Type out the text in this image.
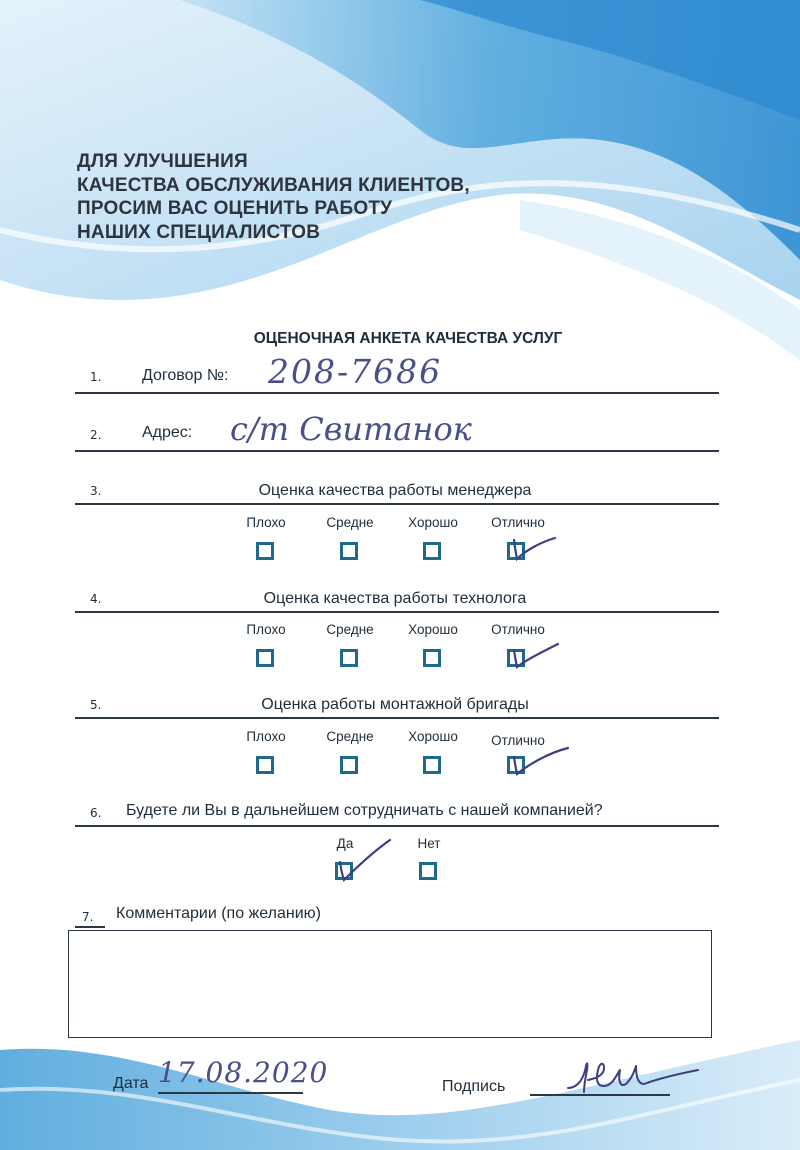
ДЛЯ УЛУЧШЕНИЯ
КАЧЕСТВА ОБСЛУЖИВАНИЯ КЛИЕНТОВ,
ПРОСИМ ВАС ОЦЕНИТЬ РАБОТУ
НАШИХ СПЕЦИАЛИСТОВ
ОЦЕНОЧНАЯ АНКЕТА КАЧЕСТВА УСЛУГ
1.	Договор №: 208-7686
2.	Адрес: с/т Свитанок
3.	Оценка качества работы менеджера
Плохо	Средне	Хорошо	Отлично
4.	Оценка качества работы технолога
Плохо	Средне	Хорошо	Отлично
5.	Оценка работы монтажной бригады
Плохо	Средне	Хорошо	Отлично
6. Будете ли Вы в дальнейшем сотрудничать с нашей компанией?
Да	Нет
7. Комментарии (по желанию)
Дата 17.08.2020	Подпись
